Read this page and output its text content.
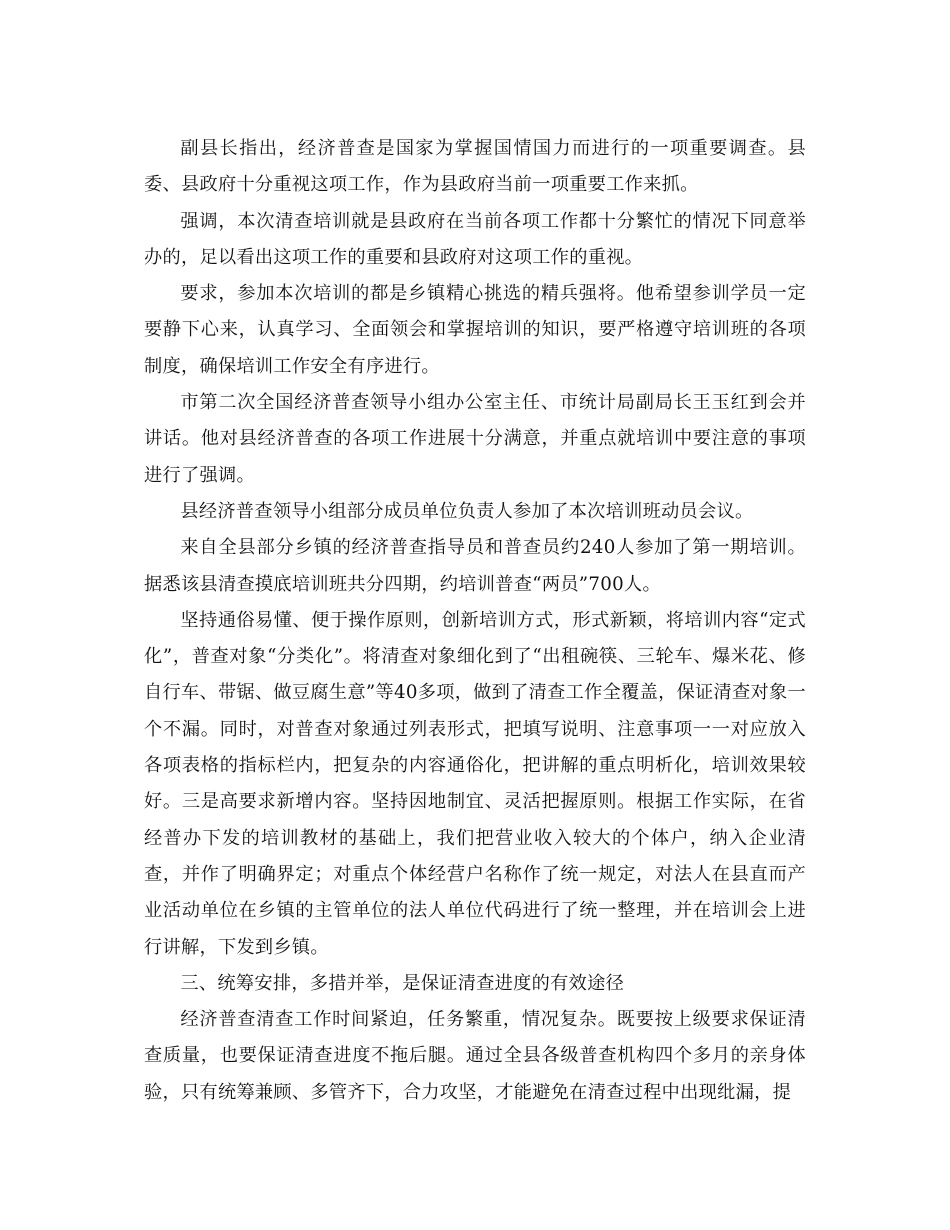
副县长指出，经济普查是国家为掌握国情国力而进行的一项重要调查。县委、县政府十分重视这项工作，作为县政府当前一项重要工作来抓。

强调，本次清查培训就是县政府在当前各项工作都十分繁忙的情况下同意举办的，足以看出这项工作的重要和县政府对这项工作的重视。

要求，参加本次培训的都是乡镇精心挑选的精兵强将。他希望参训学员一定要静下心来，认真学习、全面领会和掌握培训的知识，要严格遵守培训班的各项制度，确保培训工作安全有序进行。

市第二次全国经济普查领导小组办公室主任、市统计局副局长王玉红到会并讲话。他对县经济普查的各项工作进展十分满意，并重点就培训中要注意的事项进行了强调。

县经济普查领导小组部分成员单位负责人参加了本次培训班动员会议。

来自全县部分乡镇的经济普查指导员和普查员约240人参加了第一期培训。据悉该县清查摸底培训班共分四期，约培训普查“两员”700人。

坚持通俗易懂、便于操作原则，创新培训方式，形式新颖，将培训内容“定式化”，普查对象“分类化”。将清查对象细化到了“出租碗筷、三轮车、爆米花、修自行车、带锯、做豆腐生意”等40多项，做到了清查工作全覆盖，保证清查对象一个不漏。同时，对普查对象通过列表形式，把填写说明、注意事项一一对应放入各项表格的指标栏内，把复杂的内容通俗化，把讲解的重点明析化，培训效果较好。三是高要求新增内容。坚持因地制宜、灵活把握原则。根据工作实际，在省经普办下发的培训教材的基础上，我们把营业收入较大的个体户，纳入企业清查，并作了明确界定；对重点个体经营户名称作了统一规定，对法人在县直而产业活动单位在乡镇的主管单位的法人单位代码进行了统一整理，并在培训会上进行讲解，下发到乡镇。

三、统筹安排，多措并举，是保证清查进度的有效途径

经济普查清查工作时间紧迫，任务繁重，情况复杂。既要按上级要求保证清查质量，也要保证清查进度不拖后腿。通过全县各级普查机构四个多月的亲身体验，只有统筹兼顾、多管齐下，合力攻坚，才能避免在清查过程中出现纰漏，提
